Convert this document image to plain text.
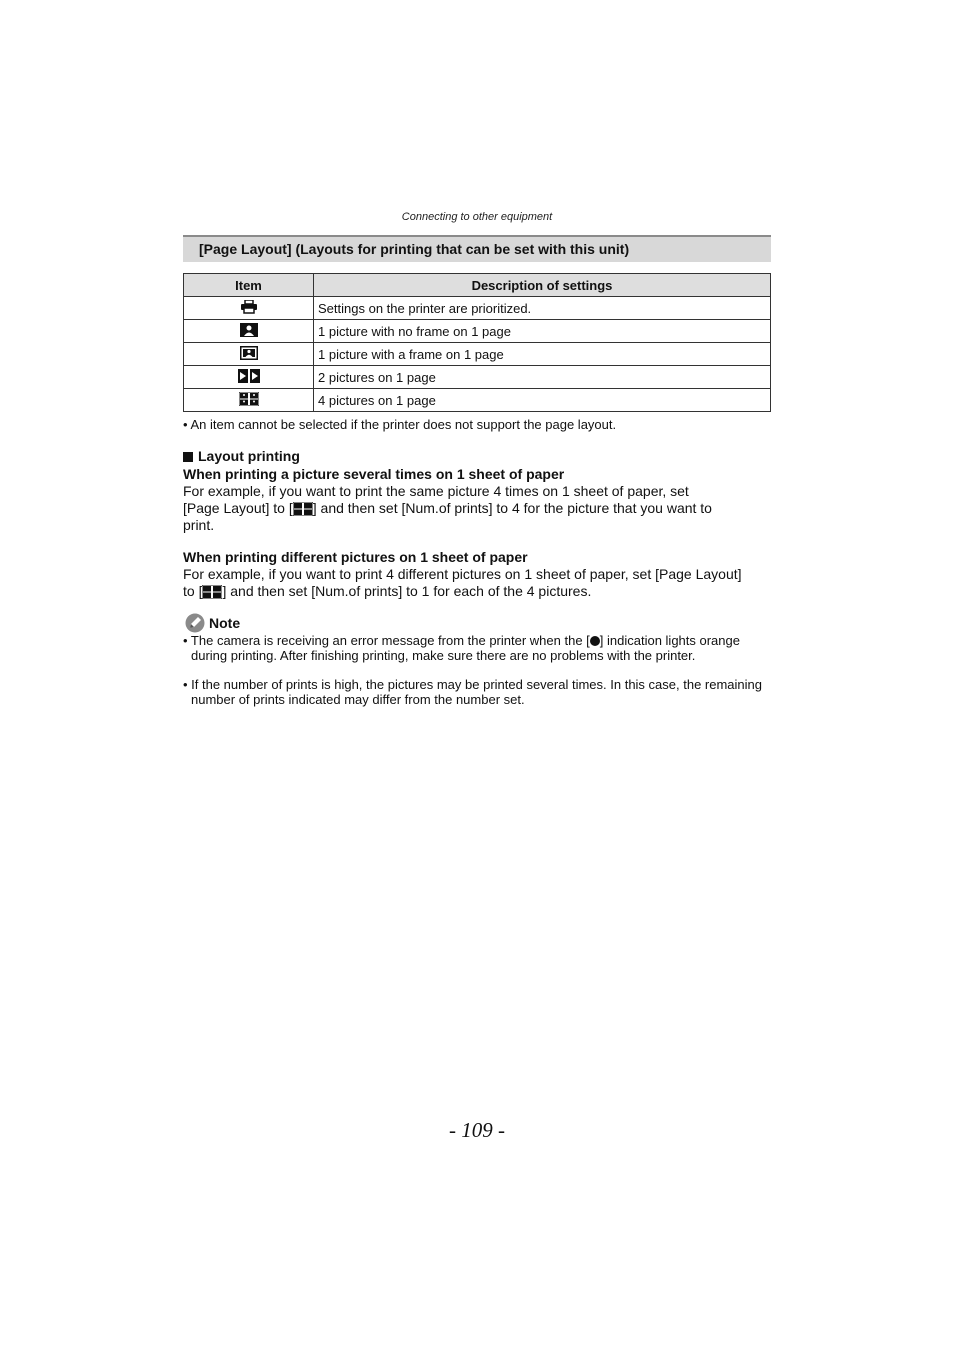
Connecting to other equipment
[Page Layout] (Layouts for printing that can be set with this unit)
Item	Description of settings
	Settings on the printer are prioritized.
	1 picture with no frame on 1 page
	1 picture with a frame on 1 page
	2 pictures on 1 page
	4 pictures on 1 page
• An item cannot be selected if the printer does not support the page layout.
Layout printing
When printing a picture several times on 1 sheet of paper
For example, if you want to print the same picture 4 times on 1 sheet of paper, set
[Page Layout] to [ ] and then set [Num.of prints] to 4 for the picture that you want to
print.
When printing different pictures on 1 sheet of paper
For example, if you want to print 4 different pictures on 1 sheet of paper, set [Page Layout]
to [ ] and then set [Num.of prints] to 1 for each of the 4 pictures.
Note
• The camera is receiving an error message from the printer when the [ ] indication lights orange during printing. After finishing printing, make sure there are no problems with the printer.
• If the number of prints is high, the pictures may be printed several times. In this case, the remaining number of prints indicated may differ from the number set.
- 109 -
